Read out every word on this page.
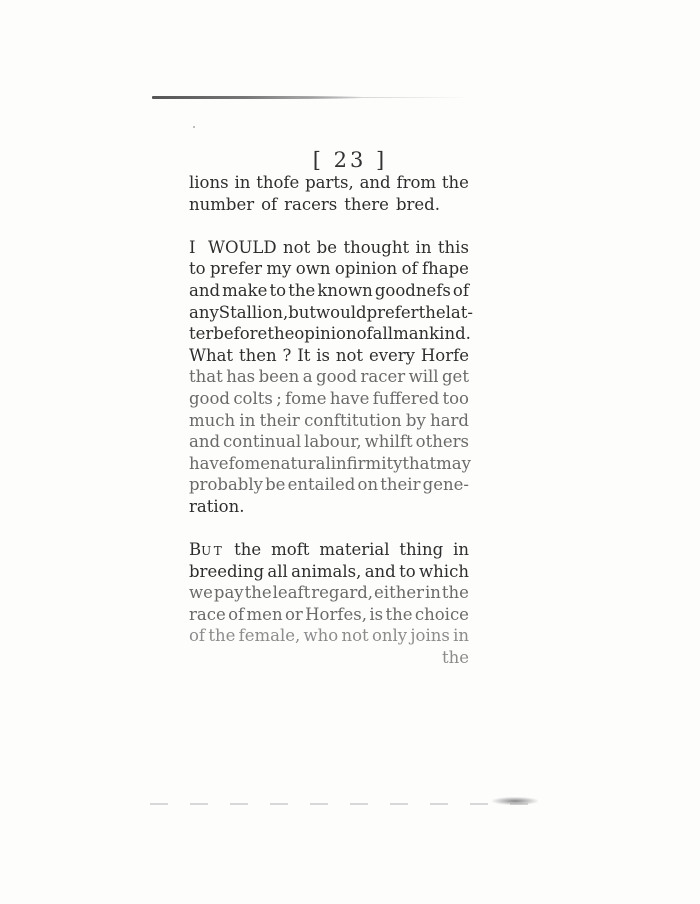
[ 23 ]
lions in thofe parts, and from the
number of racers there bred.
I WOULD not be thought in this
to prefer my own opinion of fhape
and make to the known goodnefs of
any Stallion, but would prefer the lat-
ter before the opinion of all mankind.
What then ? It is not every Horfe
that has been a good racer will get
good colts ; fome have fuffered too
much in their conftitution by hard
and continual labour, whilft others
have fome natural infirmity that may
probably be entailed on their gene-
ration.
But the moft material thing in
breeding all animals, and to which
we pay the leaft regard, either in the
race of men or Horfes, is the choice
of the female, who not only joins in
the
